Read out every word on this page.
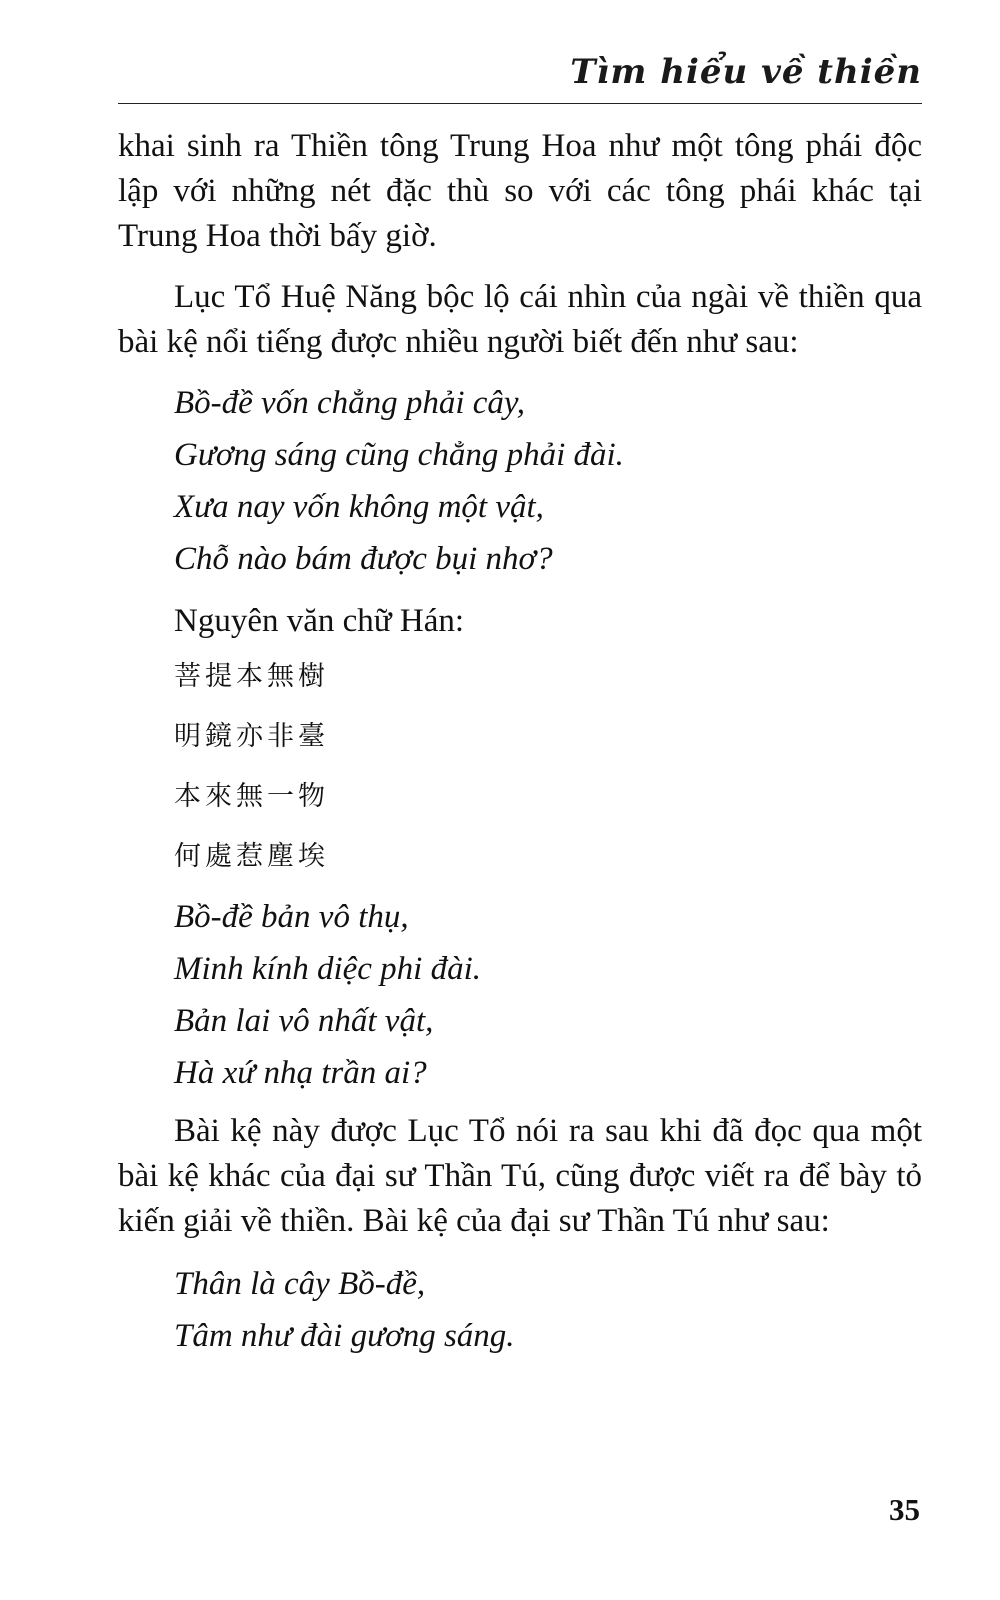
Tìm hiểu về thiền

khai sinh ra Thiền tông Trung Hoa như một tông phái độc lập với những nét đặc thù so với các tông phái khác tại Trung Hoa thời bấy giờ.

Lục Tổ Huệ Năng bộc lộ cái nhìn của ngài về thiền qua bài kệ nổi tiếng được nhiều người biết đến như sau:

Bồ-đề vốn chẳng phải cây,
Gương sáng cũng chẳng phải đài.
Xưa nay vốn không một vật,
Chỗ nào bám được bụi nhơ?
Nguyên văn chữ Hán:
菩提本無樹
明鏡亦非臺
本來無一物
何處惹塵埃
Bồ-đề bản vô thụ,
Minh kính diệc phi đài.
Bản lai vô nhất vật,
Hà xứ nhạ trần ai?

Bài kệ này được Lục Tổ nói ra sau khi đã đọc qua một bài kệ khác của đại sư Thần Tú, cũng được viết ra để bày tỏ kiến giải về thiền. Bài kệ của đại sư Thần Tú như sau:

Thân là cây Bồ-đề,
Tâm như đài gương sáng.
35
